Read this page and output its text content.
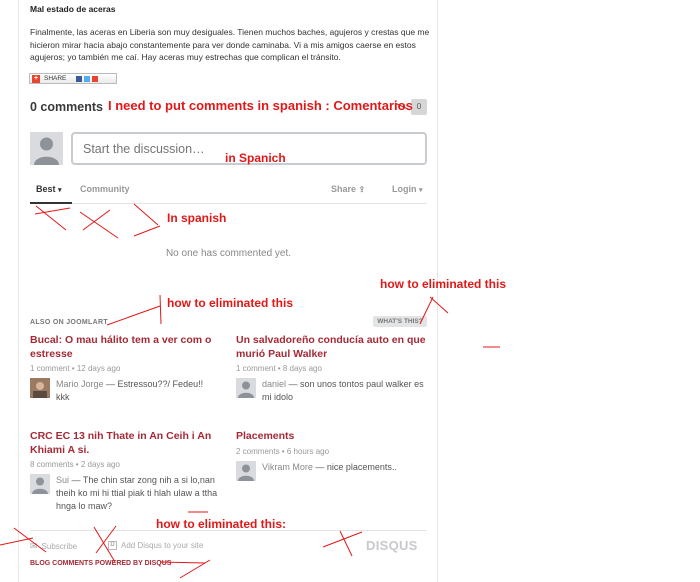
Mal estado de aceras
Finalmente, las aceras en Liberia son muy desiguales. Tienen muchos baches, agujeros y crestas que me hicieron mirar hacia abajo constantemente para ver donde caminaba. Vi a mis amigos caerse en estos agujeros; yo también me caí. Hay aceras muy estrechas que complican el tránsito.
+ SHARE
0 comments	0
Start the discussion…
Best ▾ Community	Share ⇪	Login ▾
No one has commented yet.
ALSO ON JOOMLART	WHAT'S THIS?
Bucal: O mau hálito tem a ver com o estresse
1 comment • 12 days ago
Mario Jorge — Estressou??/ Fedeu!! kkk
Un salvadoreño conducía auto en que murió Paul Walker
1 comment • 8 days ago
daniel — son unos tontos paul walker es mi idolo
CRC EC 13 nih Thate in An Ceih i An Khiami A si.
8 comments • 2 days ago
Sui — The chin star zong nih a si lo,nan theih ko mi hi ttial piak ti hlah ulaw a ttha hnga lo maw?
Placements
2 comments • 6 hours ago
Vikram More — nice placements..
✉ Subscribe	D Add Disqus to your site	DISQUS
BLOG COMMENTS POWERED BY DISQUS
I need to put comments in spanish : Comentarios
in Spanich
In spanish
how to eliminated this
how to eliminated this
how to eliminated this:
